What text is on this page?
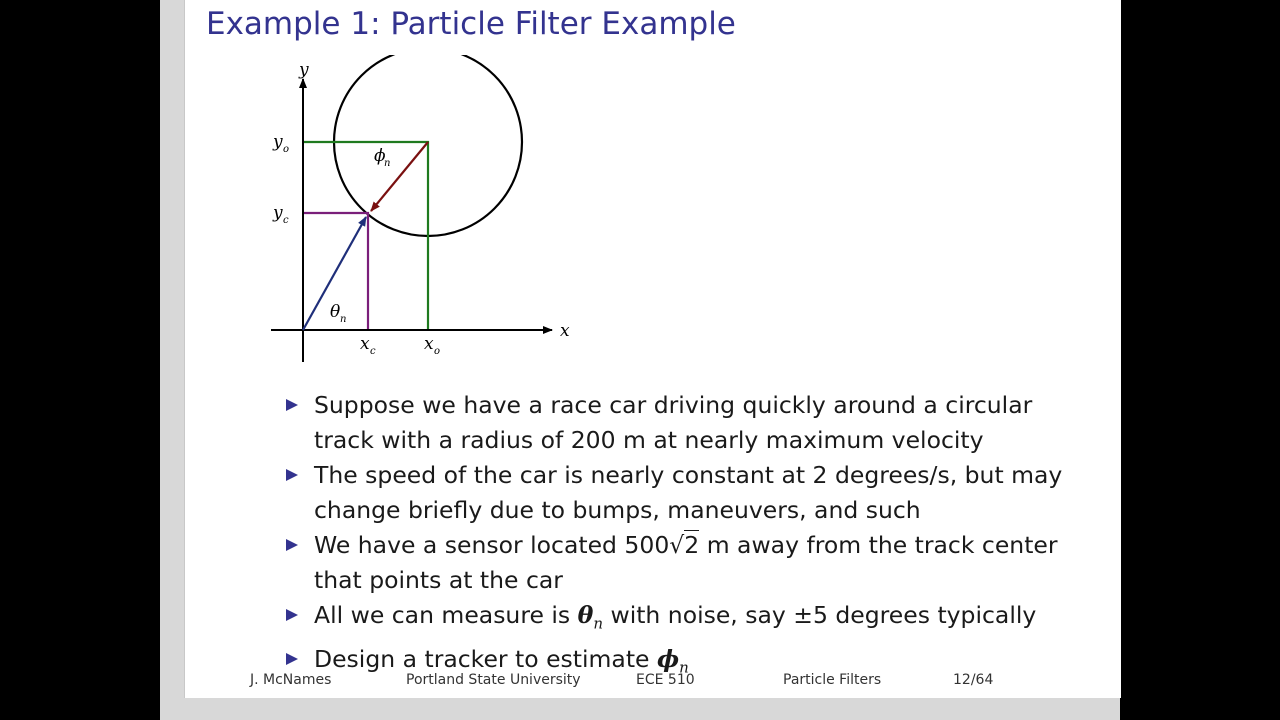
Example 1: Particle Filter Example
y
x
y o
y c
x c	x o
ϕ
n
θ n
Suppose we have a race car driving quickly around a circular track with a radius of 200 m at nearly maximum velocity
The speed of the car is nearly constant at 2 degrees/s, but may change briefly due to bumps, maneuvers, and such
We have a sensor located 500√2 m away from the track center that points at the car
All we can measure is $\theta_n$ with noise, say ±5 degrees typically
Design a tracker to estimate $\phi_n$
J. McNames	Portland State University	ECE 510	Particle Filters	12/64
